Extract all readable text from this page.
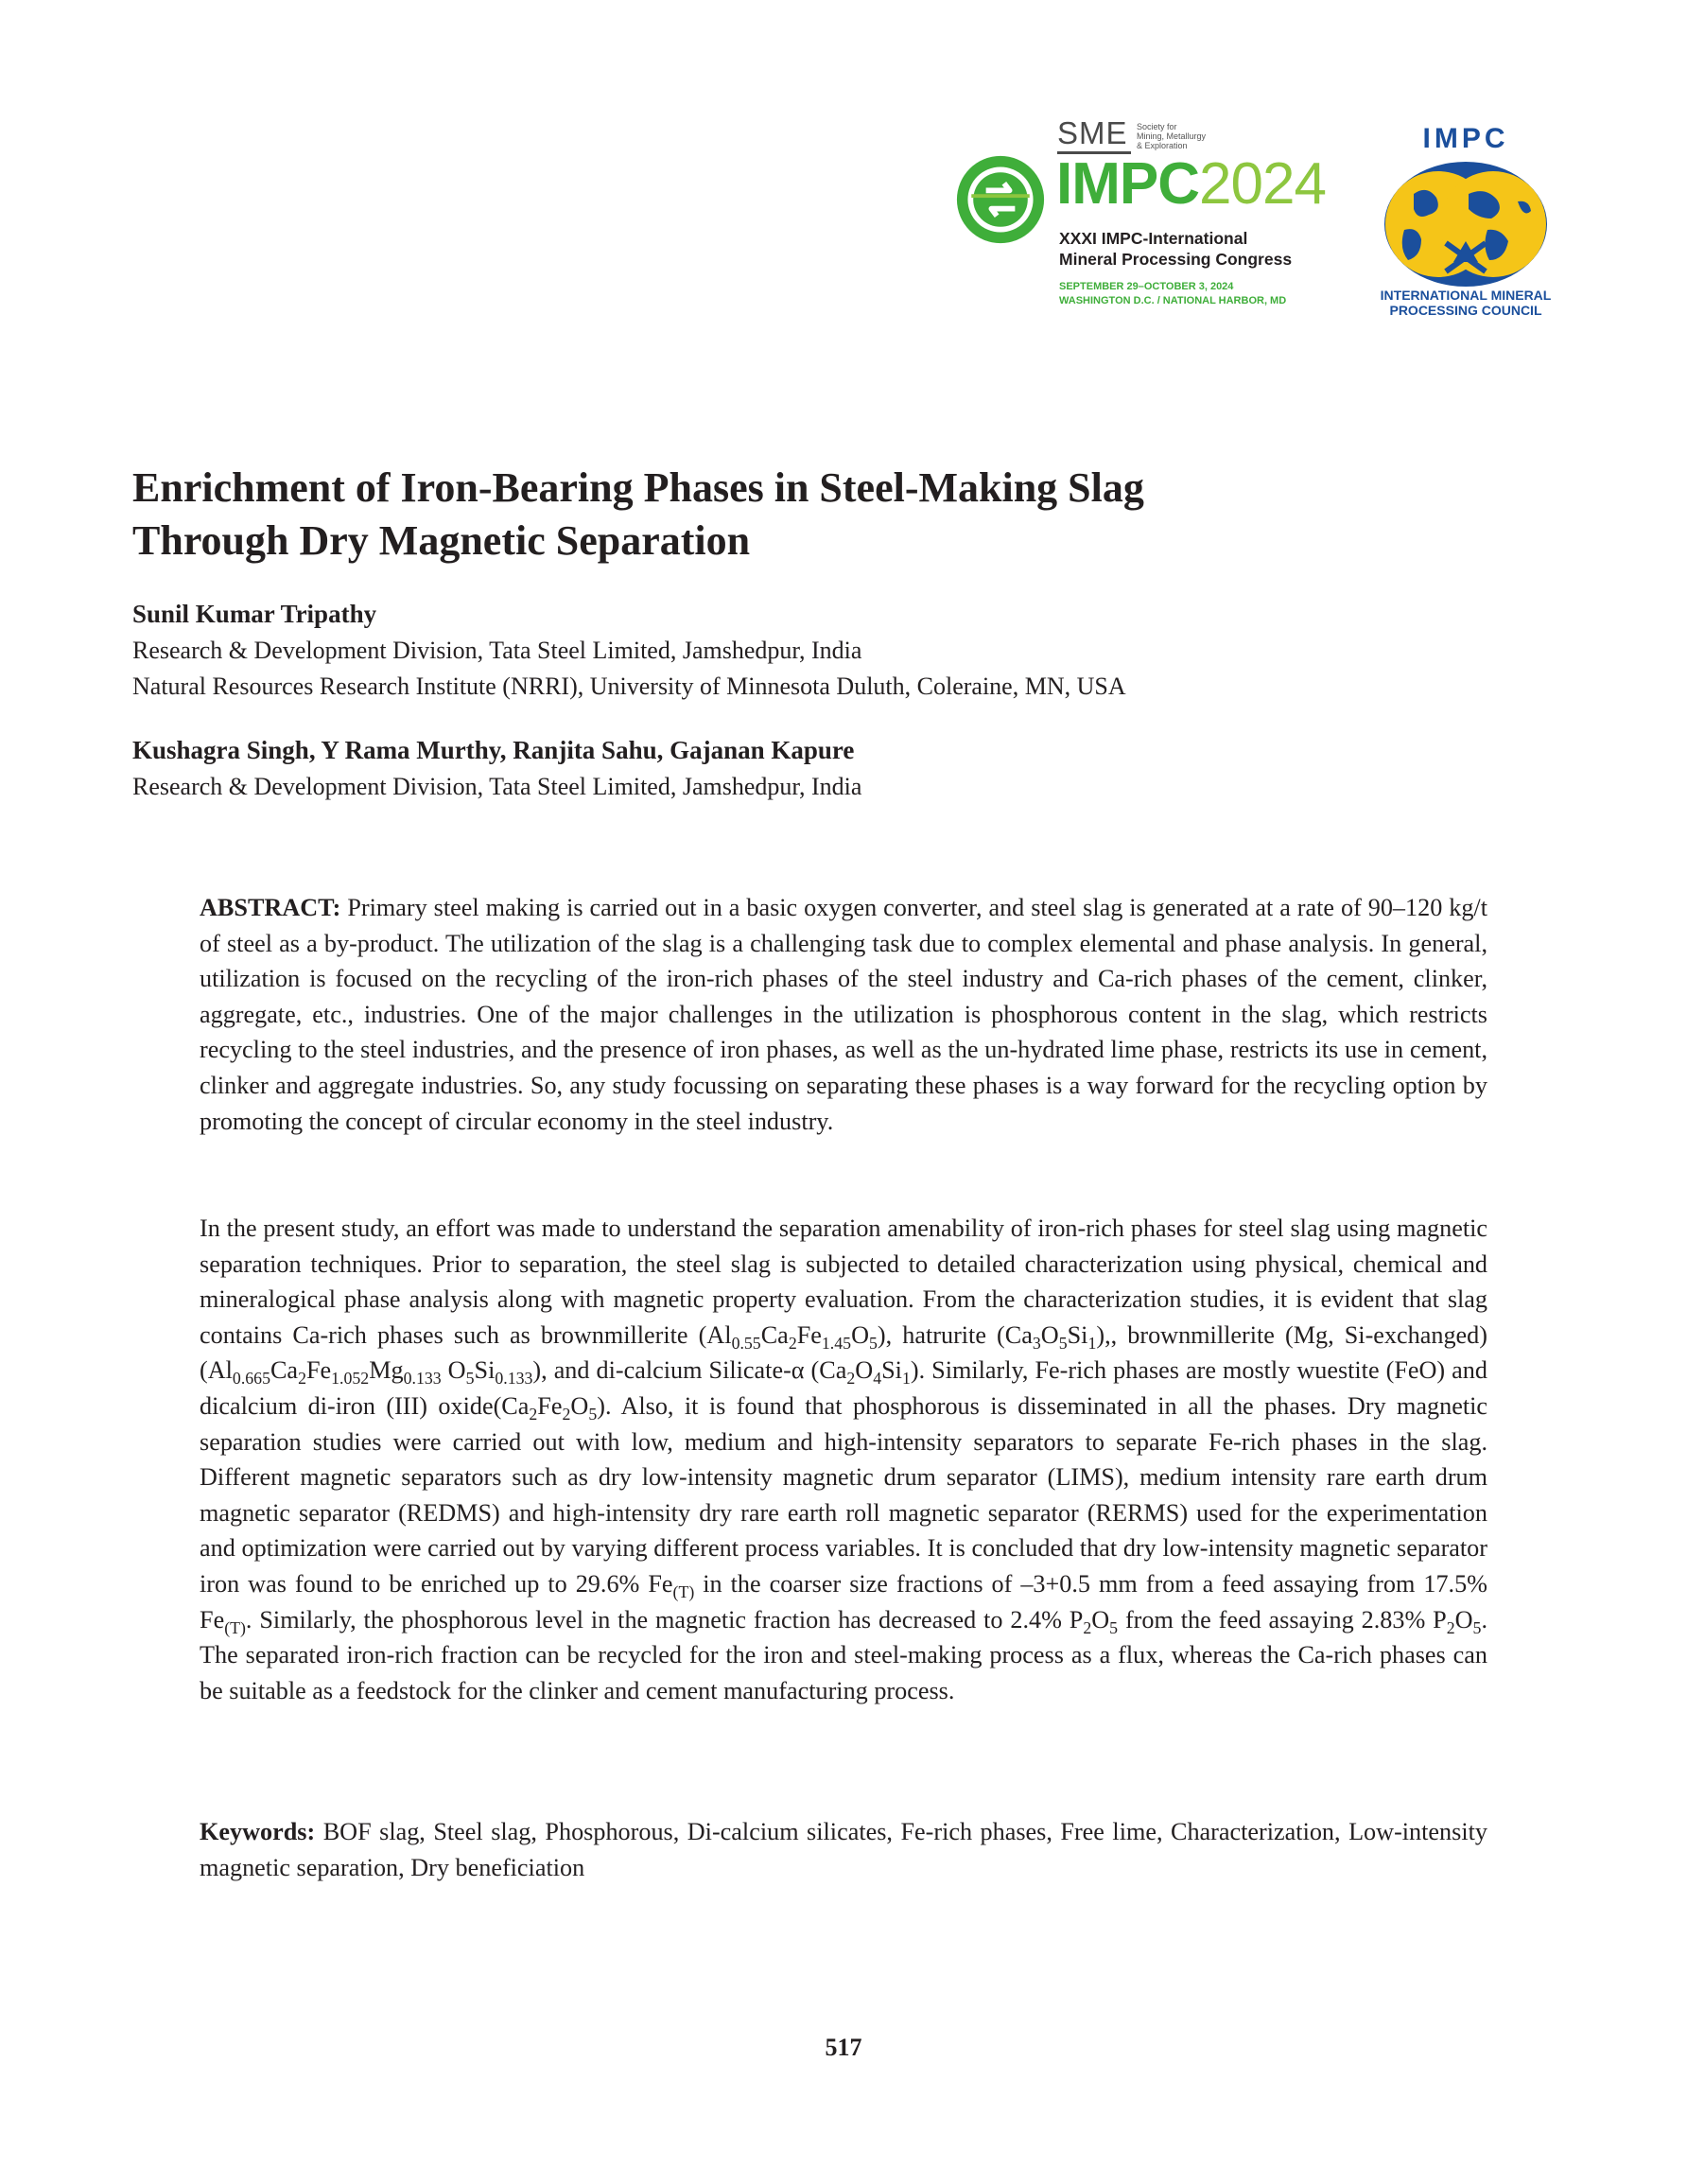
SME Society for
Mining, Metallurgy
& Exploration
IMPC2024
XXXI IMPC-International
Mineral Processing Congress
SEPTEMBER 29–OCTOBER 3, 2024
WASHINGTON D.C. / NATIONAL HARBOR, MD
IMPC
INTERNATIONAL MINERAL
PROCESSING COUNCIL
Enrichment of Iron-Bearing Phases in Steel-Making Slag
Through Dry Magnetic Separation
Sunil Kumar Tripathy
Research & Development Division, Tata Steel Limited, Jamshedpur, India
Natural Resources Research Institute (NRRI), University of Minnesota Duluth, Coleraine, MN, USA
Kushagra Singh, Y Rama Murthy, Ranjita Sahu, Gajanan Kapure
Research & Development Division, Tata Steel Limited, Jamshedpur, India

ABSTRACT: Primary steel making is carried out in a basic oxygen converter, and steel slag is generated at a rate of 90–120 kg/t of steel as a by-product. The utilization of the slag is a challenging task due to complex elemental and phase analysis. In general, utilization is focused on the recycling of the iron-rich phases of the steel industry and Ca-rich phases of the cement, clinker, aggregate, etc., industries. One of the major challenges in the utilization is phosphorous content in the slag, which restricts recycling to the steel industries, and the presence of iron phases, as well as the un-hydrated lime phase, restricts its use in cement, clinker and aggregate industries. So, any study focussing on separating these phases is a way forward for the recycling option by promoting the concept of circular economy in the steel industry.

In the present study, an effort was made to understand the separation amenability of iron-rich phases for steel slag using magnetic separation techniques. Prior to separation, the steel slag is subjected to detailed characterization using physical, chemical and mineralogical phase analysis along with magnetic property evaluation. From the characterization studies, it is evident that slag contains Ca-rich phases such as brownmillerite $(Al_{0.55}Ca_2Fe_{1.45}O_5)$, hatrurite $(Ca_3O_5Si_1)$,, brownmillerite (Mg, Si-exchanged) ($Al_{0.665}Ca_2Fe_{1.052}Mg_{0.133}$ $O_5Si_{0.133}$), and di-calcium Silicate-α $(Ca_2O_4Si_1)$. Similarly, Fe-rich phases are mostly wuestite (FeO) and dicalcium di-iron (III) $oxide(Ca_2Fe_2O_5)$. Also, it is found that phosphorous is disseminated in all the phases. Dry magnetic separation studies were carried out with low, medium and high-intensity separators to separate Fe-rich phases in the slag. Different magnetic separators such as dry low-intensity magnetic drum separator (LIMS), medium intensity rare earth drum magnetic separator (REDMS) and high-intensity dry rare earth roll magnetic separator (RERMS) used for the experimentation and optimization were carried out by varying different process variables. It is concluded that dry low-intensity magnetic separator iron was found to be enriched up to 29.6% $Fe_{(T)}$ in the coarser size fractions of –3+0.5 mm from a feed assaying from 17.5% $Fe_{(T)}$. Similarly, the phosphorous level in the magnetic fraction has decreased to 2.4% $P_2O_5$ from the feed assaying 2.83% $P_2O_5$. The separated iron-rich fraction can be recycled for the iron and steel-making process as a flux, whereas the Ca-rich phases can be suitable as a feedstock for the clinker and cement manufacturing process.

Keywords: BOF slag, Steel slag, Phosphorous, Di-calcium silicates, Fe-rich phases, Free lime, Characterization, Low-intensity magnetic separation, Dry beneficiation

517
